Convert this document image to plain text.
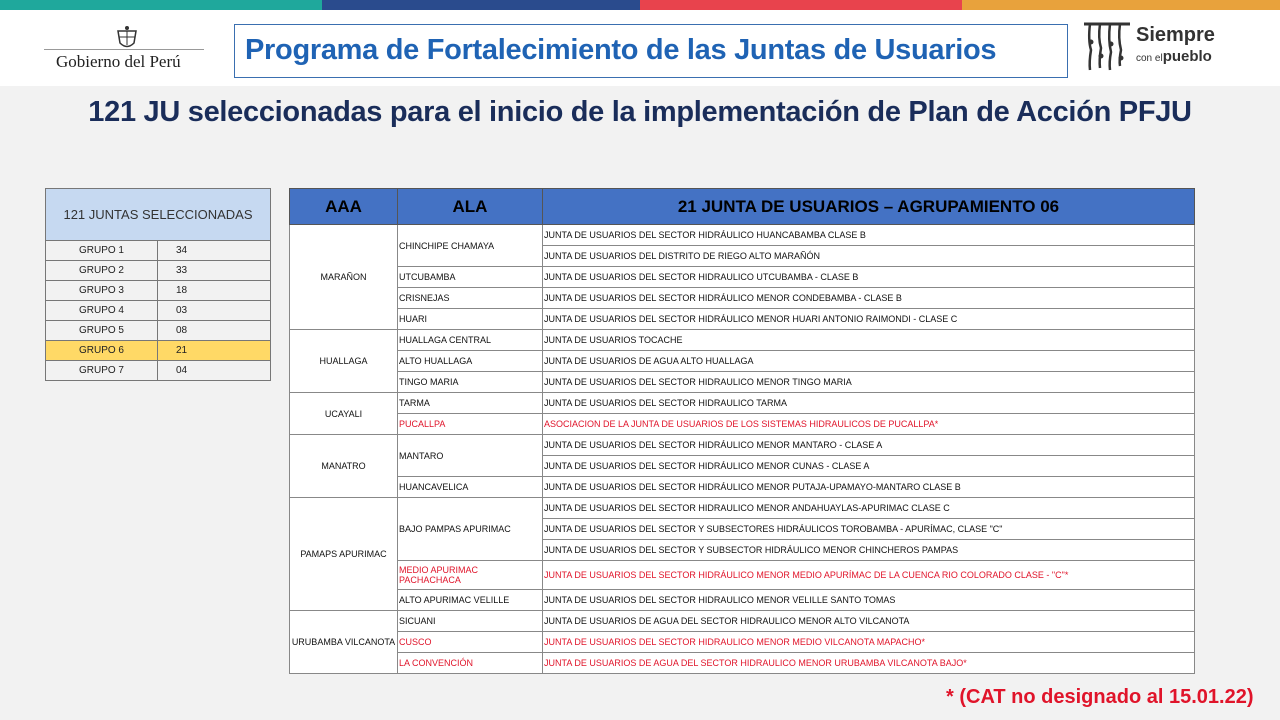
Gobierno del Perú Programa de Fortalecimiento de las Juntas de Usuarios	Siempre
con elpueblo
121 JU seleccionadas para el inicio de la implementación de Plan de Acción PFJU
121 JUNTAS SELECCIONADAS	
GRUPO 1	34
GRUPO 2	33
GRUPO 3	18
GRUPO 4	03
GRUPO 5	08
GRUPO 6	21
GRUPO 7	04
AAA	ALA	21 JUNTA DE USUARIOS – AGRUPAMIENTO 06
MARAÑON	CHINCHIPE CHAMAYA	JUNTA DE USUARIOS DEL SECTOR HIDRÁULICO HUANCABAMBA CLASE B
		JUNTA DE USUARIOS DEL DISTRITO DE RIEGO ALTO MARAÑÓN
	UTCUBAMBA	JUNTA DE USUARIOS DEL SECTOR HIDRAULICO UTCUBAMBA - CLASE B
	CRISNEJAS	JUNTA DE USUARIOS DEL SECTOR HIDRÁULICO MENOR CONDEBAMBA - CLASE B
	HUARI	JUNTA DE USUARIOS DEL SECTOR HIDRÁULICO MENOR HUARI ANTONIO RAIMONDI - CLASE C
HUALLAGA	HUALLAGA CENTRAL	JUNTA DE USUARIOS TOCACHE
	ALTO HUALLAGA	JUNTA DE USUARIOS DE AGUA ALTO HUALLAGA
	TINGO MARIA	JUNTA DE USUARIOS DEL SECTOR HIDRAULICO MENOR TINGO MARIA
UCAYALI	TARMA	JUNTA DE USUARIOS DEL SECTOR HIDRAULICO TARMA
	PUCALLPA	ASOCIACION DE LA JUNTA DE USUARIOS DE LOS SISTEMAS HIDRAULICOS DE PUCALLPA*
MANATRO	MANTARO	JUNTA DE USUARIOS DEL SECTOR HIDRÁULICO MENOR MANTARO - CLASE A
		JUNTA DE USUARIOS DEL SECTOR HIDRÁULICO MENOR CUNAS - CLASE A
	HUANCAVELICA	JUNTA DE USUARIOS DEL SECTOR HIDRÁULICO MENOR PUTAJA-UPAMAYO-MANTARO CLASE B
PAMAPS APURIMAC	BAJO PAMPAS APURIMAC	JUNTA DE USUARIOS DEL SECTOR HIDRAULICO MENOR ANDAHUAYLAS-APURIMAC CLASE C
		JUNTA DE USUARIOS DEL SECTOR Y SUBSECTORES HIDRÁULICOS TOROBAMBA - APURÍMAC, CLASE "C"
		JUNTA DE USUARIOS DEL SECTOR Y SUBSECTOR HIDRÁULICO MENOR CHINCHEROS PAMPAS
	MEDIO APURIMAC PACHACHACA	JUNTA DE USUARIOS DEL SECTOR HIDRÁULICO MENOR MEDIO APURÍMAC DE LA CUENCA RIO COLORADO CLASE - "C"*
	ALTO APURIMAC VELILLE	JUNTA DE USUARIOS DEL SECTOR HIDRAULICO MENOR VELILLE SANTO TOMAS
URUBAMBA VILCANOTA	SICUANI	JUNTA DE USUARIOS DE AGUA DEL SECTOR HIDRAULICO MENOR ALTO VILCANOTA
	CUSCO	JUNTA DE USUARIOS DEL SECTOR HIDRAULICO MENOR MEDIO VILCANOTA MAPACHO*
	LA CONVENCIÓN	JUNTA DE USUARIOS DE AGUA DEL SECTOR HIDRAULICO MENOR URUBAMBA VILCANOTA BAJO*
* (CAT no designado al 15.01.22)
